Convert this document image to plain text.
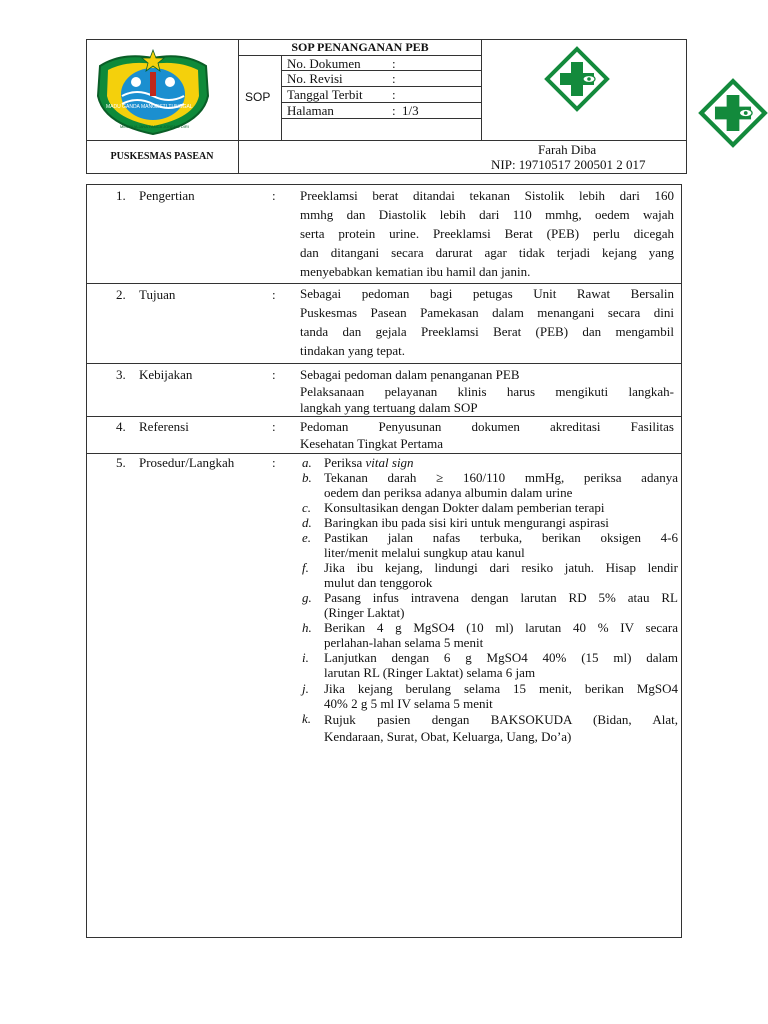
MADU GANDA MANGESTI TUNGGAL
MEMBUA JAYA PANCA JONENG DIRI
SOP PENANGANAN PEB
SOP
No. Dokumen :
No. Revisi	:
Tanggal Terbit :
Halaman	: 1/3
PUSKESMAS PASEAN	Farah Diba
NIP: 19710517 200501 2 017
1. Pengertian	: Preeklamsi berat ditandai tekanan Sistolik lebih dari 160
mmhg dan Diastolik lebih dari 110 mmhg, oedem wajah
serta protein urine. Preeklamsi Berat (PEB) perlu dicegah
dan ditangani secara darurat agar tidak terjadi kejang yang
menyebabkan kematian ibu hamil dan janin.
2. Tujuan	: Sebagai pedoman bagi petugas Unit Rawat Bersalin
Puskesmas Pasean Pamekasan dalam menangani secara dini
tanda dan gejala Preeklamsi Berat (PEB) dan mengambil
tindakan yang tepat.
3. Kebijakan	: Sebagai pedoman dalam penanganan PEB
Pelaksanaan pelayanan klinis harus mengikuti langkah-
langkah yang tertuang dalam SOP
4. Referensi	: Pedoman Penyusunan dokumen akreditasi Fasilitas
Kesehatan Tingkat Pertama
5. Prosedur/Langkah	: a. Periksa vital sign
b. Tekanan darah ≥ 160/110 mmHg, periksa adanya
oedem dan periksa adanya albumin dalam urine
c. Konsultasikan dengan Dokter dalam pemberian terapi
d. Baringkan ibu pada sisi kiri untuk mengurangi aspirasi
e. Pastikan jalan nafas terbuka, berikan oksigen 4-6
liter/menit melalui sungkup atau kanul
f. Jika ibu kejang, lindungi dari resiko jatuh. Hisap lendir
mulut dan tenggorok
g. Pasang infus intravena dengan larutan RD 5% atau RL
(Ringer Laktat)
h. Berikan 4 g MgSO4 (10 ml) larutan 40 % IV secara
perlahan-lahan selama 5 menit
i. Lanjutkan dengan 6 g MgSO4 40% (15 ml) dalam
larutan RL (Ringer Laktat) selama 6 jam
j. Jika kejang berulang selama 15 menit, berikan MgSO4
40% 2 g 5 ml IV selama 5 menit
k. Rujuk pasien dengan BAKSOKUDA (Bidan, Alat,
Kendaraan, Surat, Obat, Keluarga, Uang, Do’a)
